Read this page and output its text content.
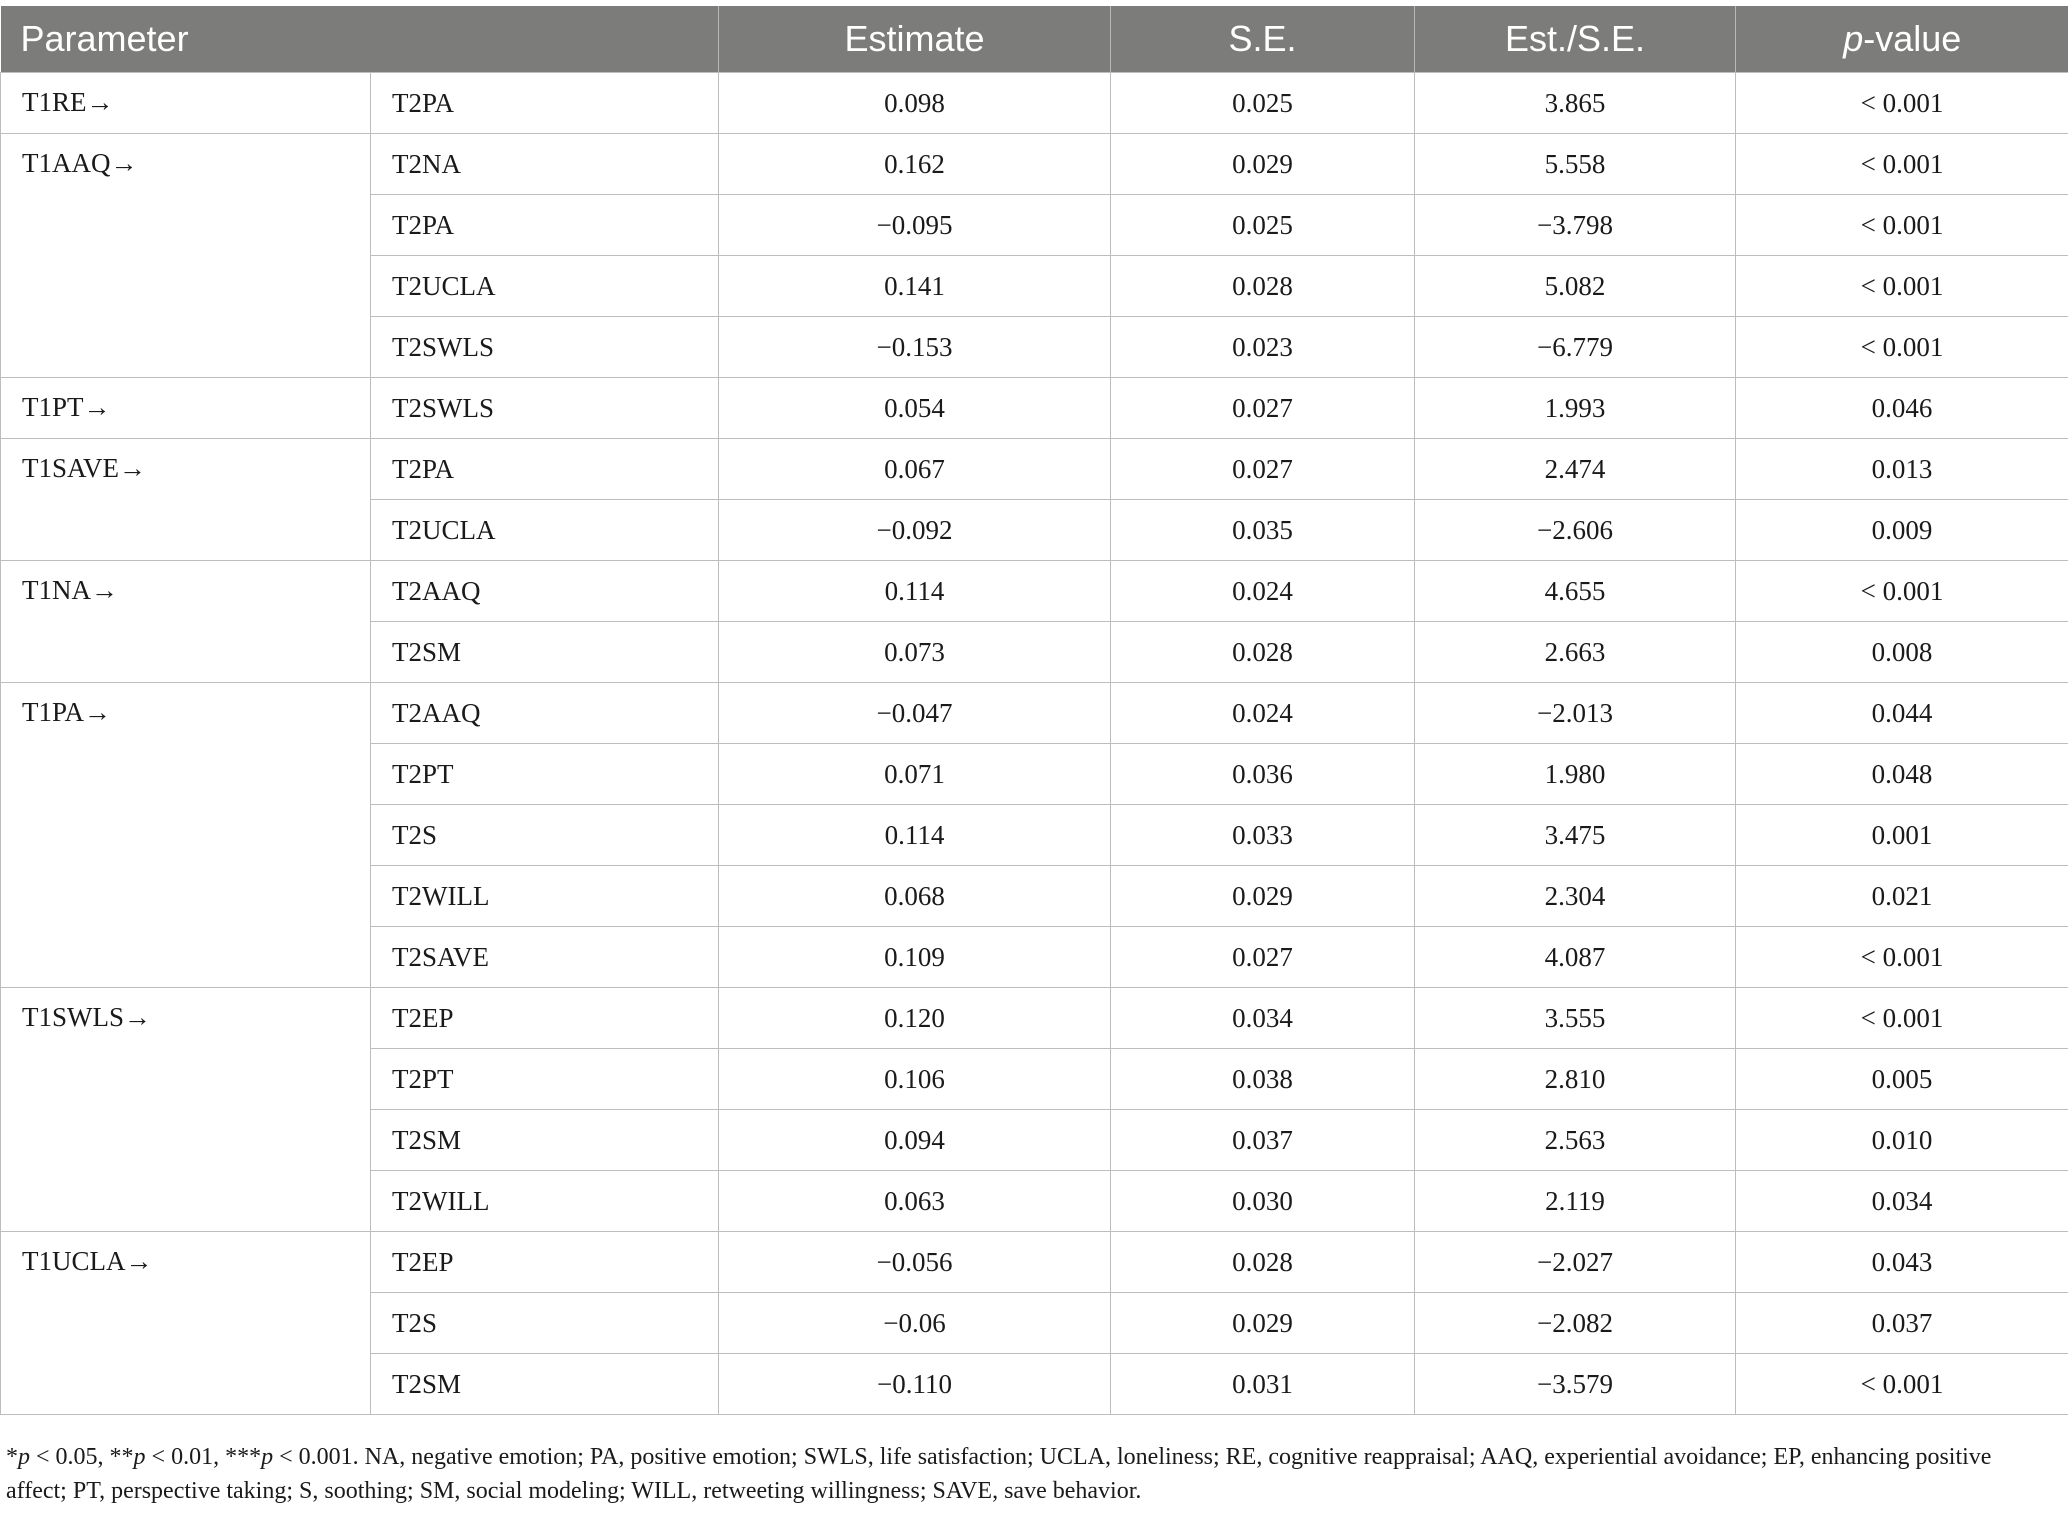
Parameter		Estimate	S.E.	Est./S.E.	p-value
T1RE→	T2PA	0.098	0.025	3.865	< 0.001
T1AAQ→	T2NA	0.162	0.029	5.558	< 0.001
	T2PA	−0.095	0.025	−3.798	< 0.001
	T2UCLA	0.141	0.028	5.082	< 0.001
	T2SWLS	−0.153	0.023	−6.779	< 0.001
T1PT→	T2SWLS	0.054	0.027	1.993	0.046
T1SAVE→	T2PA	0.067	0.027	2.474	0.013
	T2UCLA	−0.092	0.035	−2.606	0.009
T1NA→	T2AAQ	0.114	0.024	4.655	< 0.001
	T2SM	0.073	0.028	2.663	0.008
T1PA→	T2AAQ	−0.047	0.024	−2.013	0.044
	T2PT	0.071	0.036	1.980	0.048
	T2S	0.114	0.033	3.475	0.001
	T2WILL	0.068	0.029	2.304	0.021
	T2SAVE	0.109	0.027	4.087	< 0.001
T1SWLS→	T2EP	0.120	0.034	3.555	< 0.001
	T2PT	0.106	0.038	2.810	0.005
	T2SM	0.094	0.037	2.563	0.010
	T2WILL	0.063	0.030	2.119	0.034
T1UCLA→	T2EP	−0.056	0.028	−2.027	0.043
	T2S	−0.06	0.029	−2.082	0.037
	T2SM	−0.110	0.031	−3.579	< 0.001
*p < 0.05, **p < 0.01, ***p < 0.001. NA, negative emotion; PA, positive emotion; SWLS, life satisfaction; UCLA, loneliness; RE, cognitive reappraisal; AAQ, experiential avoidance; EP, enhancing positive affect; PT, perspective taking; S, soothing; SM, social modeling; WILL, retweeting willingness; SAVE, save behavior.
